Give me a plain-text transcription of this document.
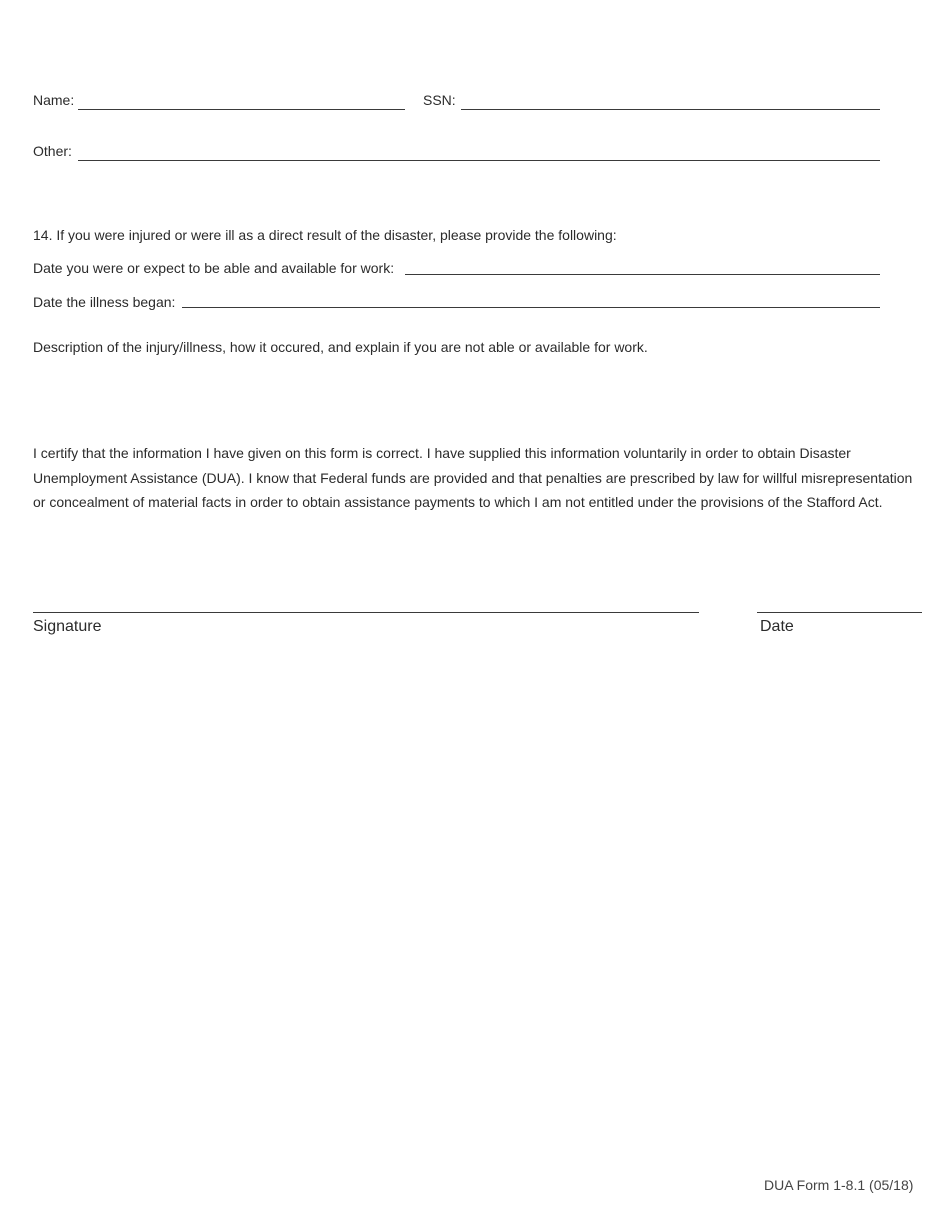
Name:	SSN:
Other:
14. If you were injured or were ill as a direct result of the disaster, please provide the following:
Date you were or expect to be able and available for work:
Date the illness began:
Description of the injury/illness, how it occured, and explain if you are not able or available for work.
I certify that the information I have given on this form is correct. I have supplied this information voluntarily in order to obtain Disaster Unemployment Assistance (DUA). I know that Federal funds are provided and that penalties are prescribed by law for willful misrepresentation or concealment of material facts in order to obtain assistance payments to which I am not entitled under the provisions of the Stafford Act.
Signature	Date
DUA Form 1-8.1 (05/18)
